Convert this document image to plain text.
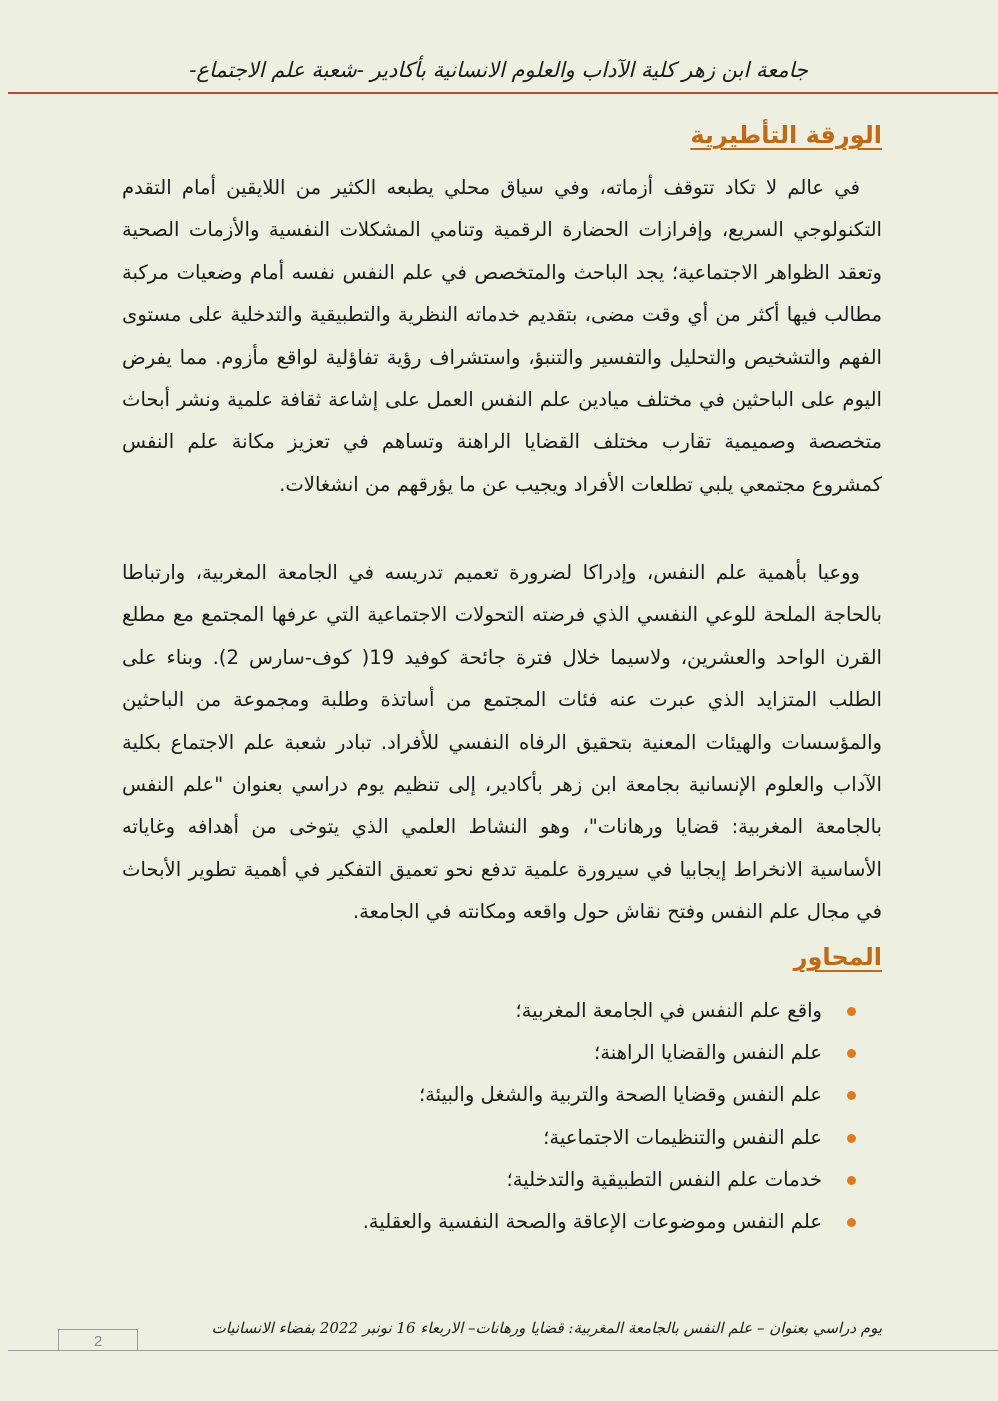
جامعة ابن زهر كلية الآداب والعلوم الانسانية بأكادير -شعبة علم الاجتماع-
الورقة التأطيرية

في عالم لا تكاد تتوقف أزماته، وفي سياق محلي يطبعه الكثير من اللايقين أمام التقدم التكنولوجي السريع، وإفرازات الحضارة الرقمية وتنامي المشكلات النفسية والأزمات الصحية وتعقد الظواهر الاجتماعية؛ يجد الباحث والمتخصص في علم النفس نفسه أمام وضعيات مركبة مطالب فيها أكثر من أي وقت مضى، بتقديم خدماته النظرية والتطبيقية والتدخلية على مستوى الفهم والتشخيص والتحليل والتفسير والتنبؤ، واستشراف رؤية تفاؤلية لواقع مأزوم. مما يفرض اليوم على الباحثين في مختلف ميادين علم النفس العمل على إشاعة ثقافة علمية ونشر أبحاث متخصصة وصميمية تقارب مختلف القضايا الراهنة وتساهم في تعزيز مكانة علم النفس كمشروع مجتمعي يلبي تطلعات الأفراد ويجيب عن ما يؤرقهم من انشغالات.

ووعيا بأهمية علم النفس، وإدراكا لضرورة تعميم تدريسه في الجامعة المغربية، وارتباطا بالحاجة الملحة للوعي النفسي الذي فرضته التحولات الاجتماعية التي عرفها المجتمع مع مطلع القرن الواحد والعشرين، ولاسيما خلال فترة جائحة كوفيد 19( كوف-سارس 2). وبناء على الطلب المتزايد الذي عبرت عنه فئات المجتمع من أساتذة وطلبة ومجموعة من الباحثين والمؤسسات والهيئات المعنية بتحقيق الرفاه النفسي للأفراد. تبادر شعبة علم الاجتماع بكلية الآداب والعلوم الإنسانية بجامعة ابن زهر بأكادير، إلى تنظيم يوم دراسي بعنوان "علم النفس بالجامعة المغربية: قضايا ورهانات"، وهو النشاط العلمي الذي يتوخى من أهدافه وغاياته الأساسية الانخراط إيجابيا في سيرورة علمية تدفع نحو تعميق التفكير في أهمية تطوير الأبحاث في مجال علم النفس وفتح نقاش حول واقعه ومكانته في الجامعة.

المحاور
واقع علم النفس في الجامعة المغربية؛
علم النفس والقضايا الراهنة؛
علم النفس وقضايا الصحة والتربية والشغل والبيئة؛
علم النفس والتنظيمات الاجتماعية؛
خدمات علم النفس التطبيقية والتدخلية؛
علم النفس وموضوعات الإعاقة والصحة النفسية والعقلية.
يوم دراسي بعنوان – علم النفس بالجامعة المغربية: قضايا ورهانات– الاربعاء 16 نونبر 2022 بفضاء الانسانيات
2
